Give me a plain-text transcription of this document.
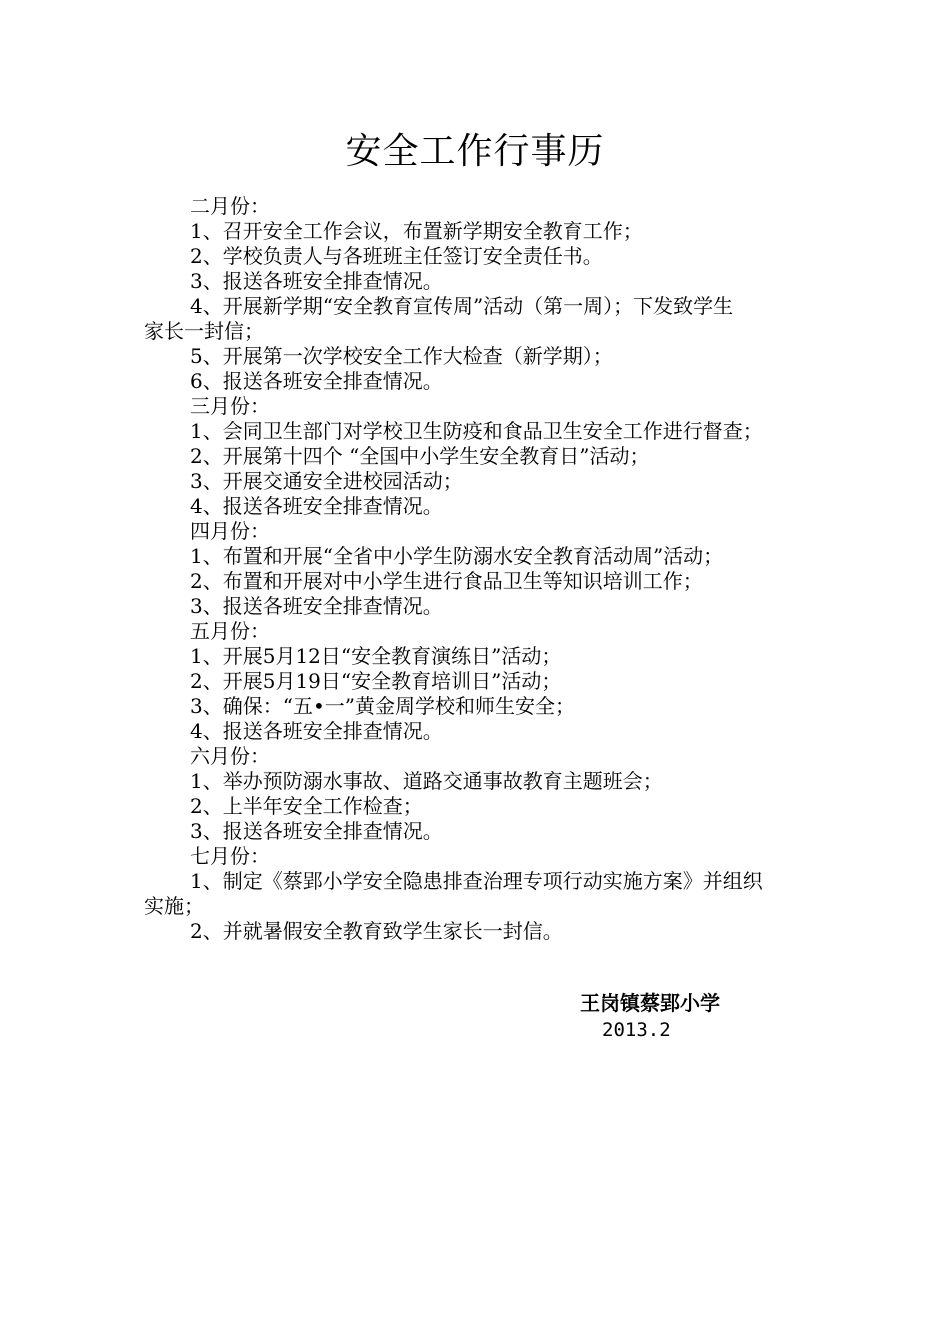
安全工作行事历

二月份：

1、召开安全工作会议，布置新学期安全教育工作；

2、学校负责人与各班班主任签订安全责任书。

3、报送各班安全排查情况。

4、开展新学期“安全教育宣传周”活动（第一周）；下发致学生

家长一封信；

5、开展第一次学校安全工作大检查（新学期）；

6、报送各班安全排查情况。

三月份：

1、会同卫生部门对学校卫生防疫和食品卫生安全工作进行督查；

2、开展第十四个 “全国中小学生安全教育日”活动；

3、开展交通安全进校园活动；

4、报送各班安全排查情况。

四月份：

1、布置和开展“全省中小学生防溺水安全教育活动周”活动；

2、布置和开展对中小学生进行食品卫生等知识培训工作；

3、报送各班安全排查情况。

五月份：

1、开展5月12日“安全教育演练日”活动；

2、开展5月19日“安全教育培训日”活动；

3、确保：“五•一”黄金周学校和师生安全；

4、报送各班安全排查情况。

六月份：

1、举办预防溺水事故、道路交通事故教育主题班会；

2、上半年安全工作检查；

3、报送各班安全排查情况。

七月份：

1、制定《蔡郢小学安全隐患排查治理专项行动实施方案》并组织

实施；

2、并就暑假安全教育致学生家长一封信。

王岗镇蔡郢小学
2013.2
